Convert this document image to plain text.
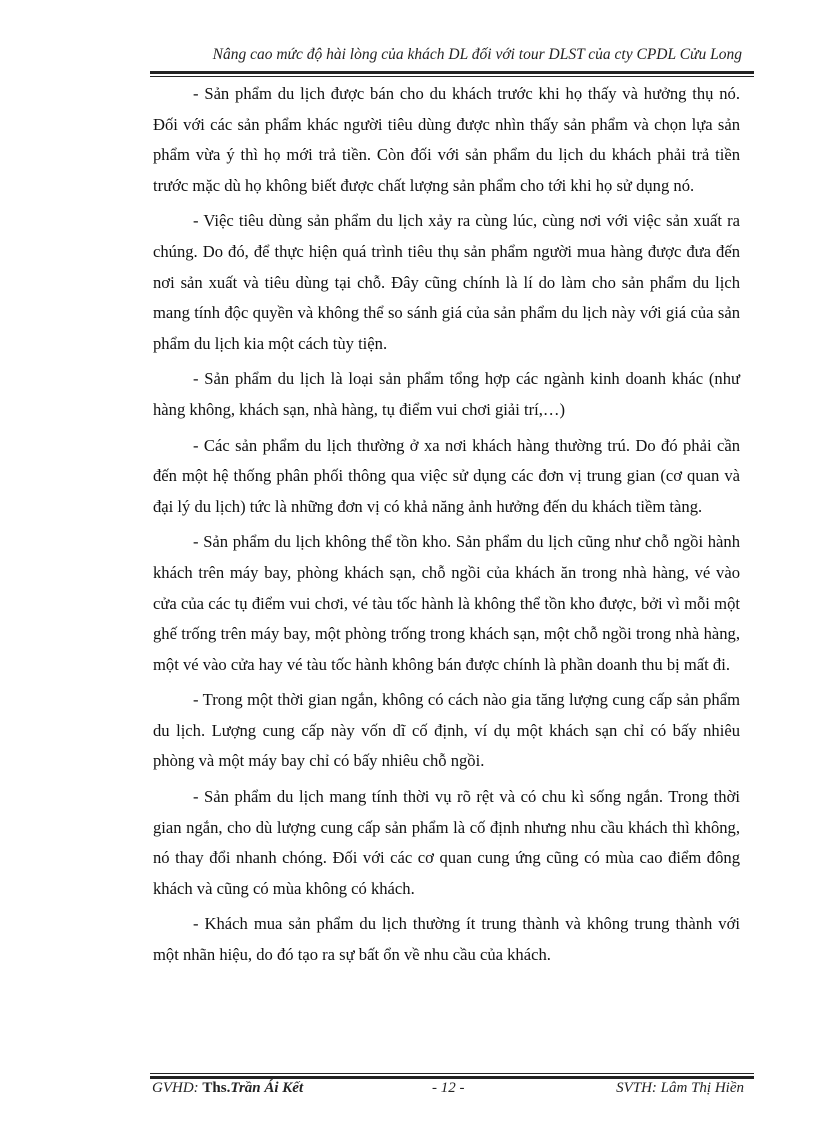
Nâng cao mức độ hài lòng của khách DL đối với tour DLST của cty CPDL Cửu Long

- Sản phẩm du lịch được bán cho du khách trước khi họ thấy và hưởng thụ nó. Đối với các sản phẩm khác người tiêu dùng được nhìn thấy sản phẩm và chọn lựa sản phẩm vừa ý thì họ mới trả tiền. Còn đối với sản phẩm du lịch du khách phải trả tiền trước mặc dù họ không biết được chất lượng sản phẩm cho tới khi họ sử dụng nó.

- Việc tiêu dùng sản phẩm du lịch xảy ra cùng lúc, cùng nơi với việc sản xuất ra chúng. Do đó, để thực hiện quá trình tiêu thụ sản phẩm người mua hàng được đưa đến nơi sản xuất và tiêu dùng tại chỗ. Đây cũng chính là lí do làm cho sản phẩm du lịch mang tính độc quyền và không thể so sánh giá của sản phẩm du lịch này với giá của sản phẩm du lịch kia một cách tùy tiện.

- Sản phẩm du lịch là loại sản phẩm tổng hợp các ngành kinh doanh khác (như hàng không, khách sạn, nhà hàng, tụ điểm vui chơi giải trí,…)

- Các sản phẩm du lịch thường ở xa nơi khách hàng thường trú. Do đó phải cần đến một hệ thống phân phối thông qua việc sử dụng các đơn vị trung gian (cơ quan và đại lý du lịch) tức là những đơn vị có khả năng ảnh hưởng đến du khách tiềm tàng.

- Sản phẩm du lịch không thể tồn kho. Sản phẩm du lịch cũng như chỗ ngồi hành khách trên máy bay, phòng khách sạn, chỗ ngồi của khách ăn trong nhà hàng, vé vào cửa của các tụ điểm vui chơi, vé tàu tốc hành là không thể tồn kho được, bởi vì mỗi một ghế trống trên máy bay, một phòng trống trong khách sạn, một chỗ ngồi trong nhà hàng, một vé vào cửa hay vé tàu tốc hành không bán được chính là phần doanh thu bị mất đi.

- Trong một thời gian ngắn, không có cách nào gia tăng lượng cung cấp sản phẩm du lịch. Lượng cung cấp này vốn dĩ cố định, ví dụ một khách sạn chỉ có bấy nhiêu phòng và một máy bay chỉ có bấy nhiêu chỗ ngồi.

- Sản phẩm du lịch mang tính thời vụ rõ rệt và có chu kì sống ngắn. Trong thời gian ngắn, cho dù lượng cung cấp sản phẩm là cố định nhưng nhu cầu khách thì không, nó thay đổi nhanh chóng. Đối với các cơ quan cung ứng cũng có mùa cao điểm đông khách và cũng có mùa không có khách.

- Khách mua sản phẩm du lịch thường ít trung thành và không trung thành với một nhãn hiệu, do đó tạo ra sự bất ổn về nhu cầu của khách.

GVHD: Ths.Trần Ái Kết	- 12 -	SVTH: Lâm Thị Hiền
